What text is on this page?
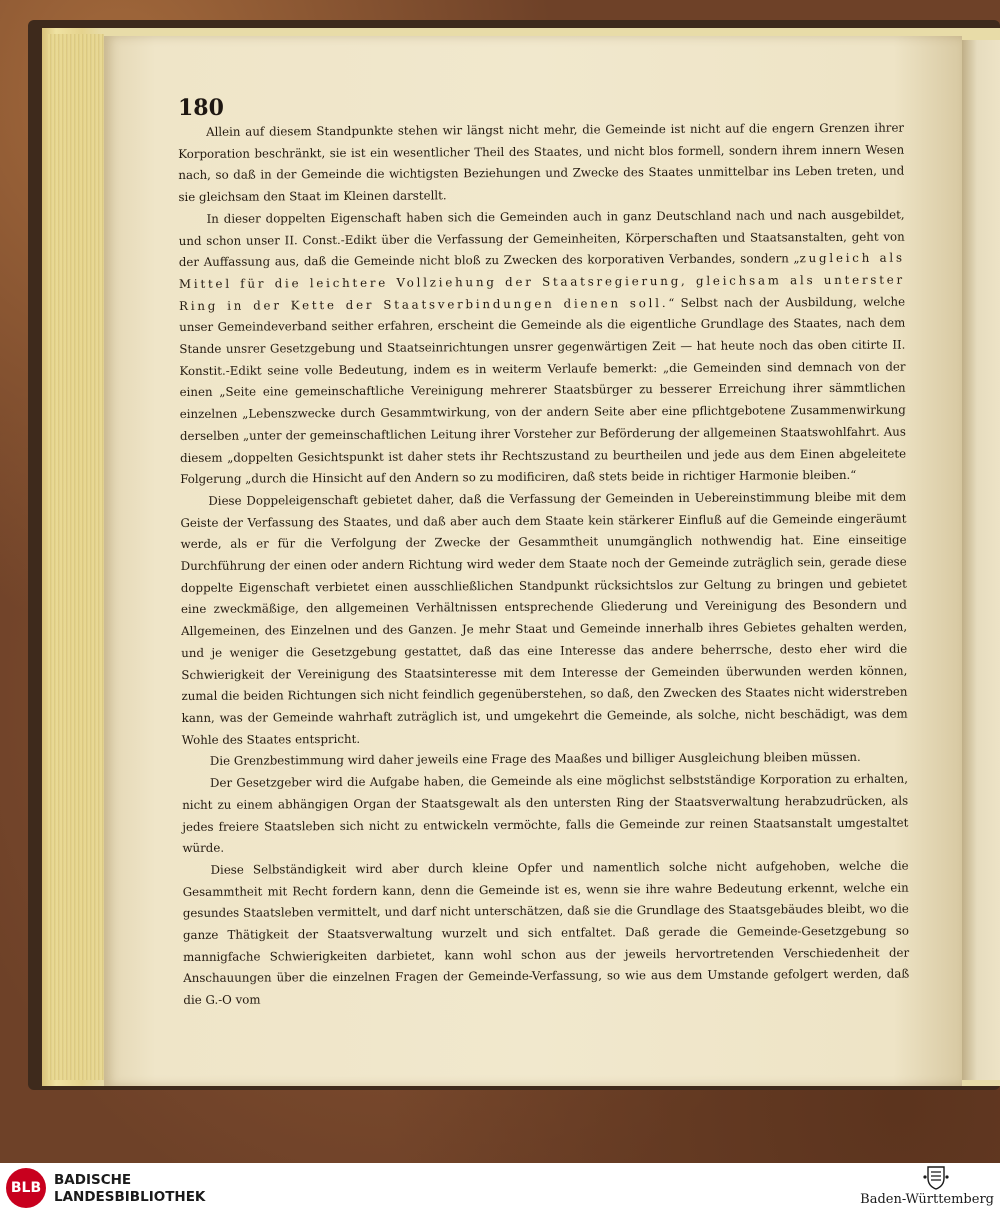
180

Allein auf diesem Standpunkte stehen wir längst nicht mehr, die Gemeinde ist nicht auf die engern Grenzen ihrer Korporation beschränkt, sie ist ein wesentlicher Theil des Staates, und nicht blos formell, sondern ihrem innern Wesen nach, so daß in der Gemeinde die wichtigsten Beziehungen und Zwecke des Staates unmittelbar ins Leben treten, und sie gleichsam den Staat im Kleinen darstellt.

In dieser doppelten Eigenschaft haben sich die Gemeinden auch in ganz Deutschland nach und nach ausgebildet, und schon unser II. Const.-Edikt über die Verfassung der Gemeinheiten, Körperschaften und Staatsanstalten, geht von der Auffassung aus, daß die Gemeinde nicht bloß zu Zwecken des korporativen Verbandes, sondern „zugleich als Mittel für die leichtere Vollziehung der Staatsregierung, gleichsam als unterster Ring in der Kette der Staatsverbindungen dienen soll.“ Selbst nach der Ausbildung, welche unser Gemeindeverband seither erfahren, erscheint die Gemeinde als die eigentliche Grundlage des Staates, nach dem Stande unsrer Gesetzgebung und Staatseinrichtungen unsrer gegenwärtigen Zeit — hat heute noch das oben citirte II. Konstit.-Edikt seine volle Bedeutung, indem es in weiterm Verlaufe bemerkt: „die Gemeinden sind demnach von der einen „Seite eine gemeinschaftliche Vereinigung mehrerer Staatsbürger zu besserer Erreichung ihrer sämmtlichen einzelnen „Lebenszwecke durch Gesammtwirkung, von der andern Seite aber eine pflichtgebotene Zusammenwirkung derselben „unter der gemeinschaftlichen Leitung ihrer Vorsteher zur Beförderung der allgemeinen Staatswohlfahrt. Aus diesem „doppelten Gesichtspunkt ist daher stets ihr Rechtszustand zu beurtheilen und jede aus dem Einen abgeleitete Folgerung „durch die Hinsicht auf den Andern so zu modificiren, daß stets beide in richtiger Harmonie bleiben.“

Diese Doppeleigenschaft gebietet daher, daß die Verfassung der Gemeinden in Uebereinstimmung bleibe mit dem Geiste der Verfassung des Staates, und daß aber auch dem Staate kein stärkerer Einfluß auf die Gemeinde eingeräumt werde, als er für die Verfolgung der Zwecke der Gesammtheit unumgänglich nothwendig hat. Eine einseitige Durchführung der einen oder andern Richtung wird weder dem Staate noch der Gemeinde zuträglich sein, gerade diese doppelte Eigenschaft verbietet einen ausschließlichen Standpunkt rücksichtslos zur Geltung zu bringen und gebietet eine zweckmäßige, den allgemeinen Verhältnissen entsprechende Gliederung und Vereinigung des Besondern und Allgemeinen, des Einzelnen und des Ganzen. Je mehr Staat und Gemeinde innerhalb ihres Gebietes gehalten werden, und je weniger die Gesetzgebung gestattet, daß das eine Interesse das andere beherrsche, desto eher wird die Schwierigkeit der Vereinigung des Staatsinteresse mit dem Interesse der Gemeinden überwunden werden können, zumal die beiden Richtungen sich nicht feindlich gegenüberstehen, so daß, den Zwecken des Staates nicht widerstreben kann, was der Gemeinde wahrhaft zuträglich ist, und umgekehrt die Gemeinde, als solche, nicht beschädigt, was dem Wohle des Staates entspricht.

Die Grenzbestimmung wird daher jeweils eine Frage des Maaßes und billiger Ausgleichung bleiben müssen.

Der Gesetzgeber wird die Aufgabe haben, die Gemeinde als eine möglichst selbstständige Korporation zu erhalten, nicht zu einem abhängigen Organ der Staatsgewalt als den untersten Ring der Staatsverwaltung herabzudrücken, als jedes freiere Staatsleben sich nicht zu entwickeln vermöchte, falls die Gemeinde zur reinen Staatsanstalt umgestaltet würde.

Diese Selbständigkeit wird aber durch kleine Opfer und namentlich solche nicht aufgehoben, welche die Gesammtheit mit Recht fordern kann, denn die Gemeinde ist es, wenn sie ihre wahre Bedeutung erkennt, welche ein gesundes Staatsleben vermittelt, und darf nicht unterschätzen, daß sie die Grundlage des Staatsgebäudes bleibt, wo die ganze Thätigkeit der Staatsverwaltung wurzelt und sich entfaltet. Daß gerade die Gemeinde-Gesetzgebung so mannigfache Schwierigkeiten darbietet, kann wohl schon aus der jeweils hervortretenden Verschiedenheit der Anschauungen über die einzelnen Fragen der Gemeinde-Verfassung, so wie aus dem Umstande gefolgert werden, daß die G.-O vom

BLB BADISCHE
LANDESBIBLIOTHEK	Baden-Württemberg
